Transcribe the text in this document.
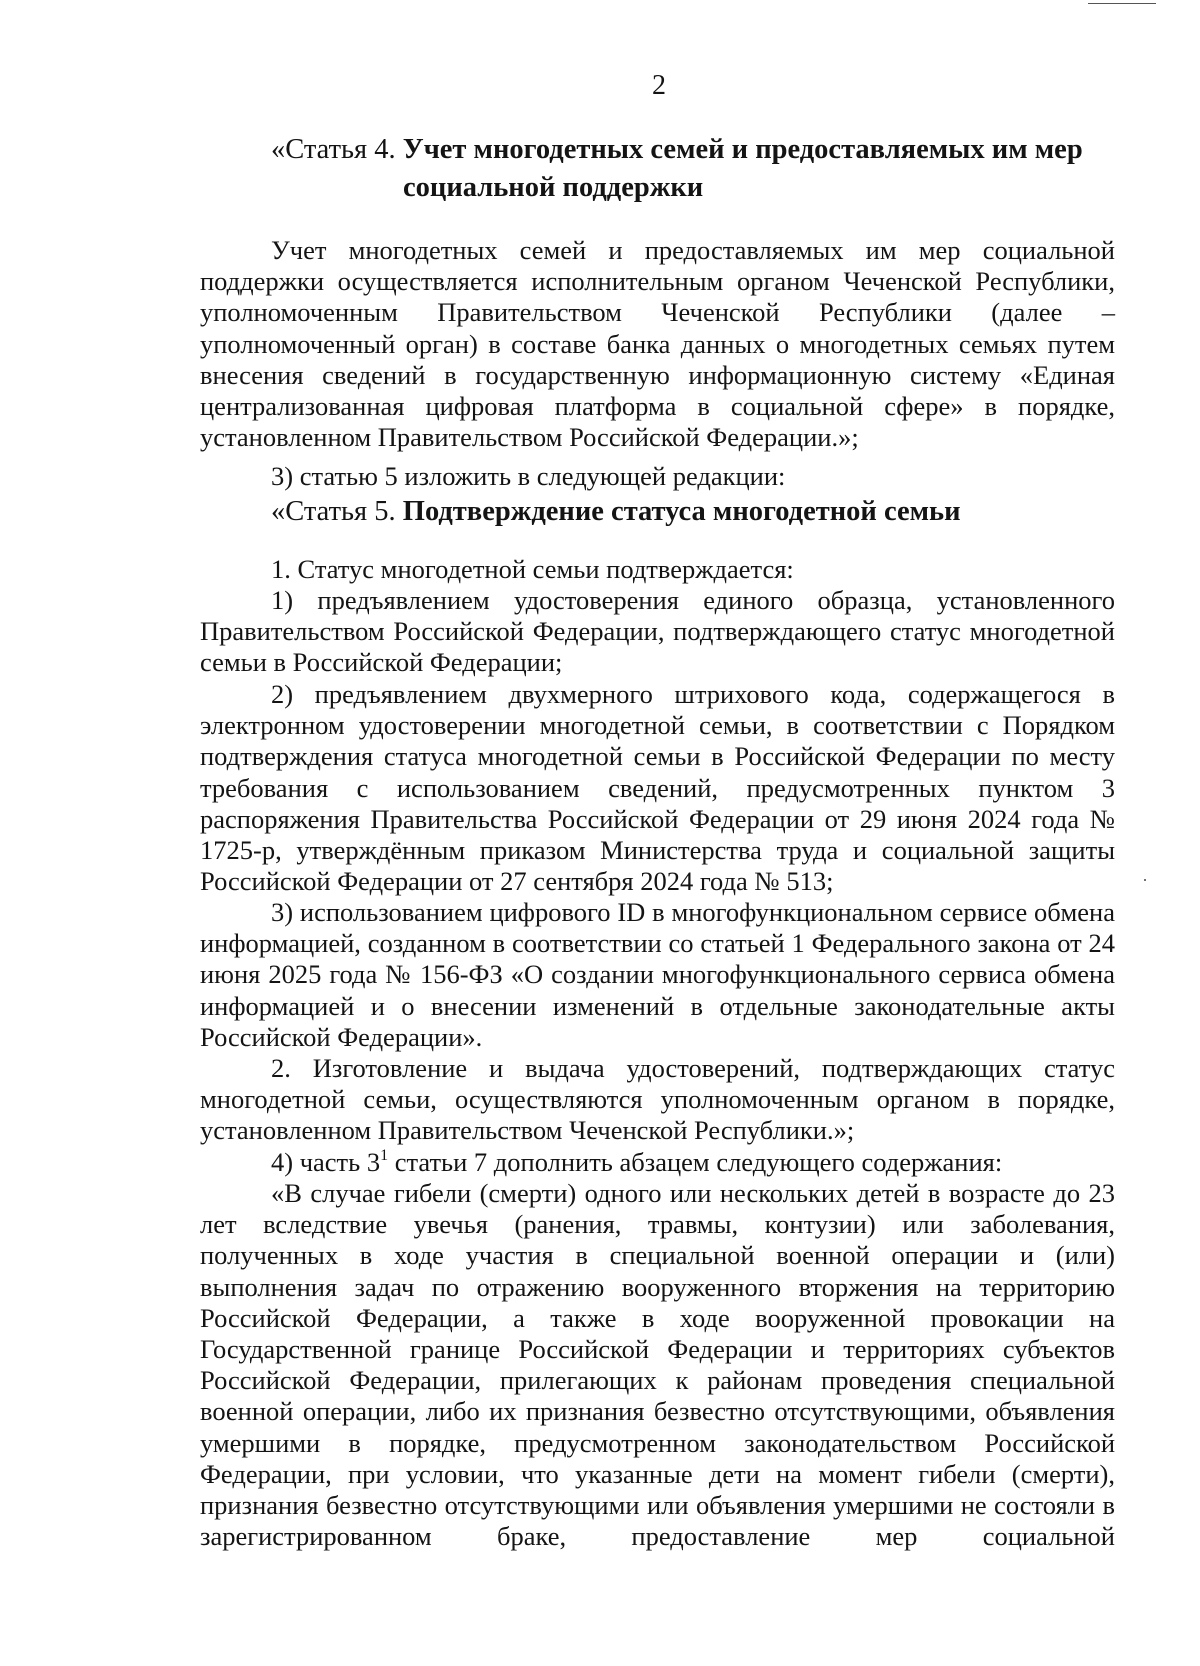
2
«Статья 4. Учет многодетных семей и предоставляемых им мер
социальной поддержки
Учет многодетных семей и предоставляемых им мер социальной поддержки осуществляется исполнительным органом Чеченской Республики, уполномоченным Правительством Чеченской Республики (далее – уполномоченный орган) в составе банка данных о многодетных семьях путем внесения сведений в государственную информационную систему «Единая централизованная цифровая платформа в социальной сфере» в порядке, установленном Правительством Российской Федерации.»;
3) статью 5 изложить в следующей редакции:
«Статья 5. Подтверждение статуса многодетной семьи
1. Статус многодетной семьи подтверждается:
1) предъявлением удостоверения единого образца, установленного Правительством Российской Федерации, подтверждающего статус многодетной семьи в Российской Федерации;
2) предъявлением двухмерного штрихового кода, содержащегося в электронном удостоверении многодетной семьи, в соответствии с Порядком подтверждения статуса многодетной семьи в Российской Федерации по месту требования с использованием сведений, предусмотренных пунктом 3 распоряжения Правительства Российской Федерации от 29 июня 2024 года № 1725-р, утверждённым приказом Министерства труда и социальной защиты Российской Федерации от 27 сентября 2024 года № 513;
3) использованием цифрового ID в многофункциональном сервисе обмена информацией, созданном в соответствии со статьей 1 Федерального закона от 24 июня 2025 года № 156-ФЗ «О создании многофункционального сервиса обмена информацией и о внесении изменений в отдельные законодательные акты Российской Федерации».
2. Изготовление и выдача удостоверений, подтверждающих статус многодетной семьи, осуществляются уполномоченным органом в порядке, установленном Правительством Чеченской Республики.»;
4) часть $3^1$ статьи 7 дополнить абзацем следующего содержания:
«В случае гибели (смерти) одного или нескольких детей в возрасте до 23 лет вследствие увечья (ранения, травмы, контузии) или заболевания, полученных в ходе участия в специальной военной операции и (или) выполнения задач по отражению вооруженного вторжения на территорию Российской Федерации, а также в ходе вооруженной провокации на Государственной границе Российской Федерации и территориях субъектов Российской Федерации, прилегающих к районам проведения специальной военной операции, либо их признания безвестно отсутствующими, объявления умершими в порядке, предусмотренном законодательством Российской Федерации, при условии, что указанные дети на момент гибели (смерти), признания безвестно отсутствующими или объявления умершими не состояли в зарегистрированном браке, предоставление мер социальной
